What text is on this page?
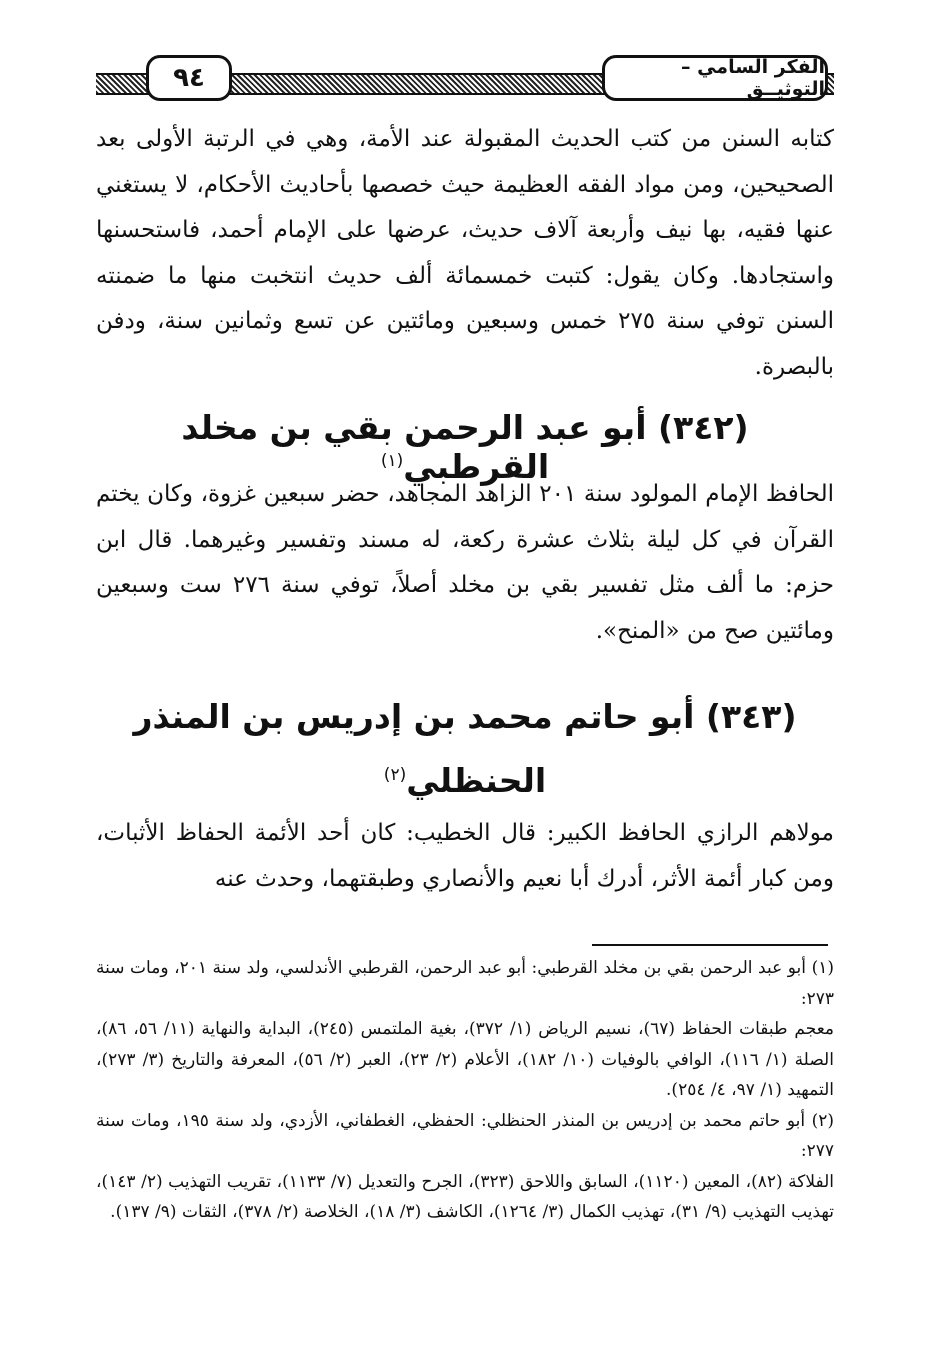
٩٤	الفكر السامي – التوثيــق
كتابه السنن من كتب الحديث المقبولة عند الأمة، وهي في الرتبة الأولى بعد الصحيحين، ومن مواد الفقه العظيمة حيث خصصها بأحاديث الأحكام، لا يستغني عنها فقيه، بها نيف وأربعة آلاف حديث، عرضها على الإمام أحمد، فاستحسنها واستجادها. وكان يقول: كتبت خمسمائة ألف حديث انتخبت منها ما ضمنته السنن توفي سنة ٢٧٥ خمس وسبعين ومائتين عن تسع وثمانين سنة، ودفن بالبصرة.
(٣٤٢) أبو عبد الرحمن بقي بن مخلد القرطبي$^{(١)}$
الحافظ الإمام المولود سنة ٢٠١ الزاهد المجاهد، حضر سبعين غزوة، وكان يختم القرآن في كل ليلة بثلاث عشرة ركعة، له مسند وتفسير وغيرهما. قال ابن حزم: ما ألف مثل تفسير بقي بن مخلد أصلاً، توفي سنة ٢٧٦ ست وسبعين ومائتين صح من «المنح».
(٣٤٣) أبو حاتم محمد بن إدريس بن المنذر
الحنظلي$^{(٢)}$
مولاهم الرازي الحافظ الكبير: قال الخطيب: كان أحد الأئمة الحفاظ الأثبات، ومن كبار أئمة الأثر، أدرك أبا نعيم والأنصاري وطبقتهما، وحدث عنه

(١) أبو عبد الرحمن بقي بن مخلد القرطبي: أبو عبد الرحمن، القرطبي الأندلسي، ولد سنة ٢٠١، ومات سنة ٢٧٣:

معجم طبقات الحفاظ (٦٧)، نسيم الرياض (١/ ٣٧٢)، بغية الملتمس (٢٤٥)، البداية والنهاية (١١/ ٥٦، ٨٦)، الصلة (١/ ١١٦)، الوافي بالوفيات (١٠/ ١٨٢)، الأعلام (٢/ ٢٣)، العبر (٢/ ٥٦)، المعرفة والتاريخ (٣/ ٢٧٣)، التمهيد (١/ ٩٧، ٤/ ٢٥٤).

(٢) أبو حاتم محمد بن إدريس بن المنذر الحنظلي: الحفظي، الغطفاني، الأزدي، ولد سنة ١٩٥، ومات سنة ٢٧٧:

الفلاكة (٨٢)، المعين (١١٢٠)، السابق واللاحق (٣٢٣)، الجرح والتعديل (٧/ ١١٣٣)، تقريب التهذيب (٢/ ١٤٣)، تهذيب التهذيب (٩/ ٣١)، تهذيب الكمال (٣/ ١٢٦٤)، الكاشف (٣/ ١٨)، الخلاصة (٢/ ٣٧٨)، الثقات (٩/ ١٣٧).
